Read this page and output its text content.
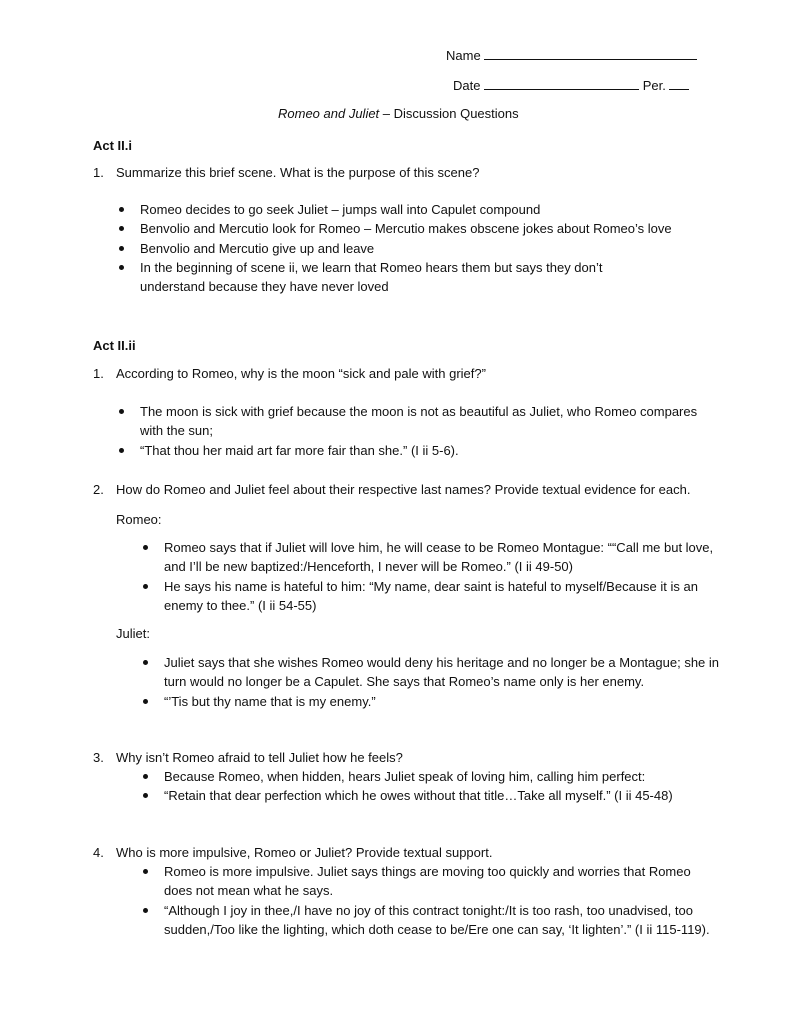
Name
Date	Per.
Romeo and Juliet – Discussion Questions
Act II.i
1. Summarize this brief scene. What is the purpose of this scene?
Romeo decides to go seek Juliet – jumps wall into Capulet compound
Benvolio and Mercutio look for Romeo – Mercutio makes obscene jokes about Romeo’s love
Benvolio and Mercutio give up and leave
In the beginning of scene ii, we learn that Romeo hears them but says they don’t understand because they have never loved
Act II.ii
1. According to Romeo, why is the moon “sick and pale with grief?”
The moon is sick with grief because the moon is not as beautiful as Juliet, who Romeo compares with the sun;
“That thou her maid art far more fair than she.” (I ii 5-6).
2. How do Romeo and Juliet feel about their respective last names? Provide textual evidence for each.
Romeo:
Romeo says that if Juliet will love him, he will cease to be Romeo Montague: ““Call me but love, and I’ll be new baptized:/Henceforth, I never will be Romeo.” (I ii 49-50)
He says his name is hateful to him: “My name, dear saint is hateful to myself/Because it is an enemy to thee.” (I ii 54-55)
Juliet:
Juliet says that she wishes Romeo would deny his heritage and no longer be a Montague; she in turn would no longer be a Capulet. She says that Romeo’s name only is her enemy.
“’Tis but thy name that is my enemy.”
3. Why isn’t Romeo afraid to tell Juliet how he feels?
Because Romeo, when hidden, hears Juliet speak of loving him, calling him perfect:
“Retain that dear perfection which he owes without that title…Take all myself.” (I ii 45-48)
4. Who is more impulsive, Romeo or Juliet? Provide textual support.
Romeo is more impulsive. Juliet says things are moving too quickly and worries that Romeo does not mean what he says.
“Although I joy in thee,/I have no joy of this contract tonight:/It is too rash, too unadvised, too sudden,/Too like the lighting, which doth cease to be/Ere one can say, ‘It lighten’.” (I ii 115-119).
